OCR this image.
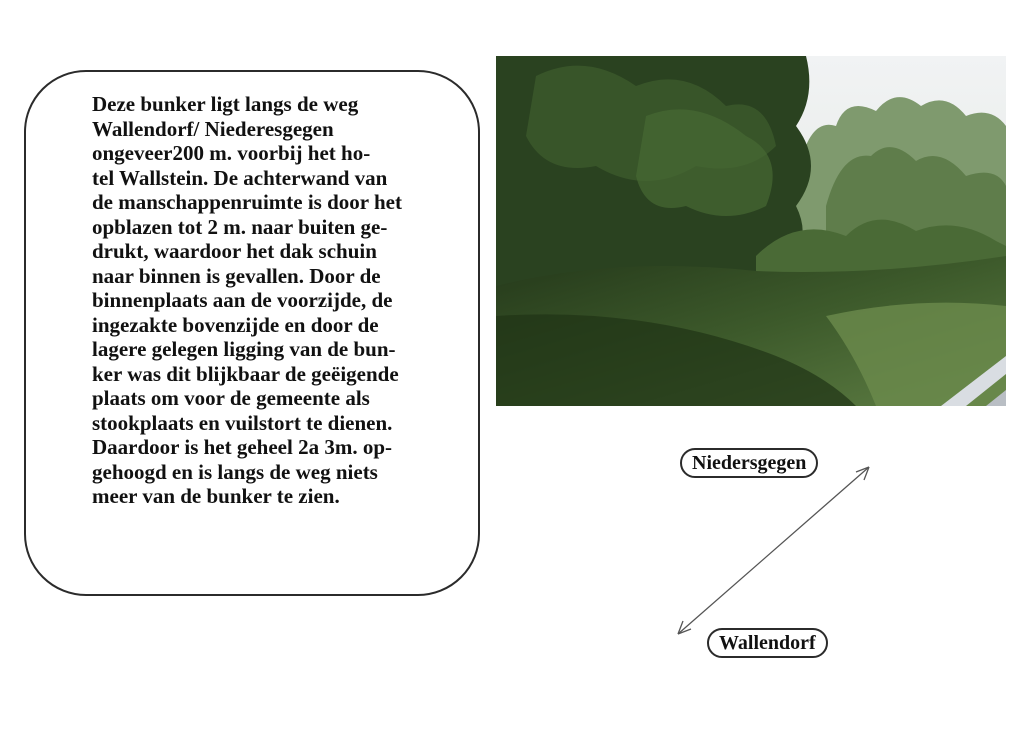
Deze bunker ligt langs de weg
Wallendorf/ Niederesgegen
ongeveer200 m. voorbij het ho-
tel Wallstein. De achterwand van
de manschappenruimte is door het
opblazen tot 2 m. naar buiten ge-
drukt, waardoor het dak schuin
naar binnen is gevallen. Door de
binnenplaats aan de voorzijde, de
ingezakte bovenzijde en door de
lagere gelegen ligging van de bun-
ker was dit blijkbaar de geëigende
plaats om voor de gemeente als
stookplaats en vuilstort te dienen.
Daardoor is het geheel 2a 3m. op-
gehoogd en is langs de weg niets
meer van de bunker te zien.
Niedersgegen
Wallendorf
